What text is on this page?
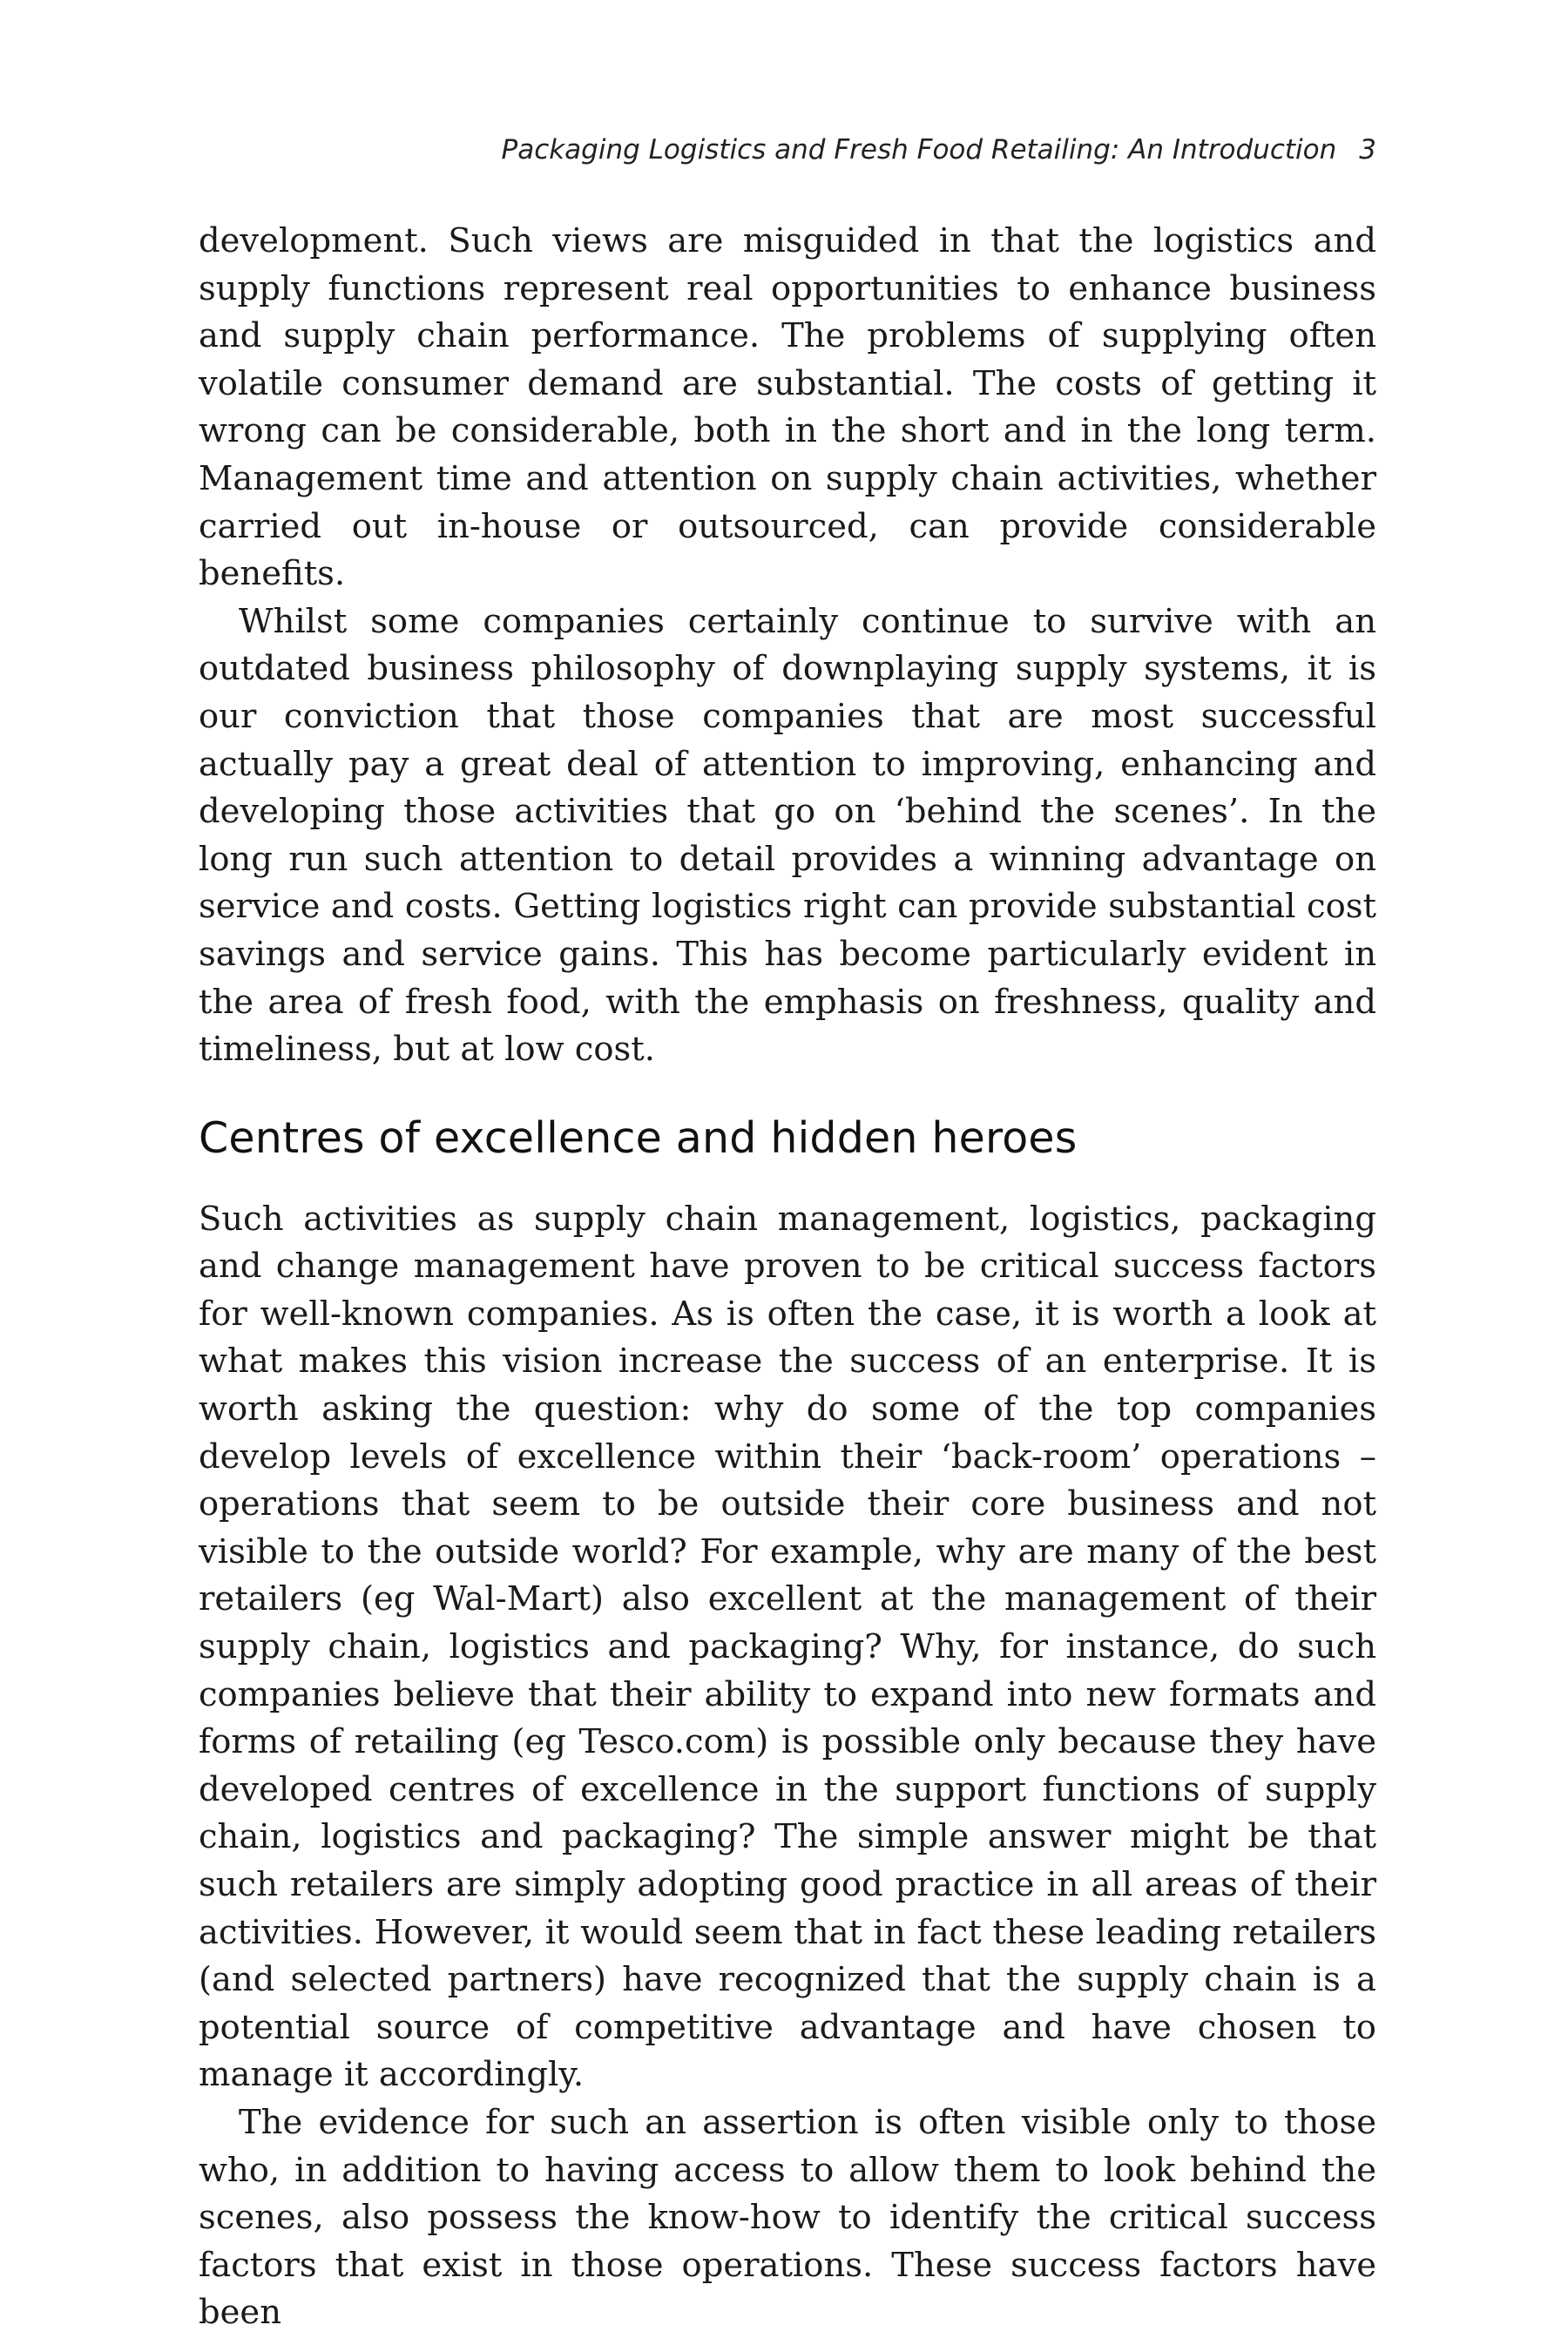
Packaging Logistics and Fresh Food Retailing: An Introduction 3

development. Such views are misguided in that the logistics and supply functions represent real opportunities to enhance business and supply chain performance. The problems of supplying often volatile consumer demand are substantial. The costs of getting it wrong can be considerable, both in the short and in the long term. Management time and attention on supply chain activities, whether carried out in-house or outsourced, can provide considerable benefits.

Whilst some companies certainly continue to survive with an outdated business philosophy of downplaying supply systems, it is our conviction that those companies that are most successful actually pay a great deal of attention to improving, enhancing and developing those activities that go on ‘behind the scenes’. In the long run such attention to detail provides a winning advantage on service and costs. Getting logistics right can provide substantial cost savings and service gains. This has become particularly evident in the area of fresh food, with the emphasis on freshness, quality and timeliness, but at low cost.

Centres of excellence and hidden heroes

Such activities as supply chain management, logistics, packaging and change management have proven to be critical success factors for well-known companies. As is often the case, it is worth a look at what makes this vision increase the success of an enterprise. It is worth asking the question: why do some of the top companies develop levels of excellence within their ‘back-room’ operations – operations that seem to be outside their core business and not visible to the outside world? For example, why are many of the best retailers (eg Wal-Mart) also excellent at the management of their supply chain, logistics and packaging? Why, for instance, do such companies believe that their ability to expand into new formats and forms of retailing (eg Tesco.com) is possible only because they have developed centres of excellence in the support functions of supply chain, logistics and packaging? The simple answer might be that such retailers are simply adopting good practice in all areas of their activities. However, it would seem that in fact these leading retailers (and selected partners) have recognized that the supply chain is a potential source of competitive advantage and have chosen to manage it accordingly.

The evidence for such an assertion is often visible only to those who, in addition to having access to allow them to look behind the scenes, also possess the know-how to identify the critical success factors that exist in those operations. These success factors have been
